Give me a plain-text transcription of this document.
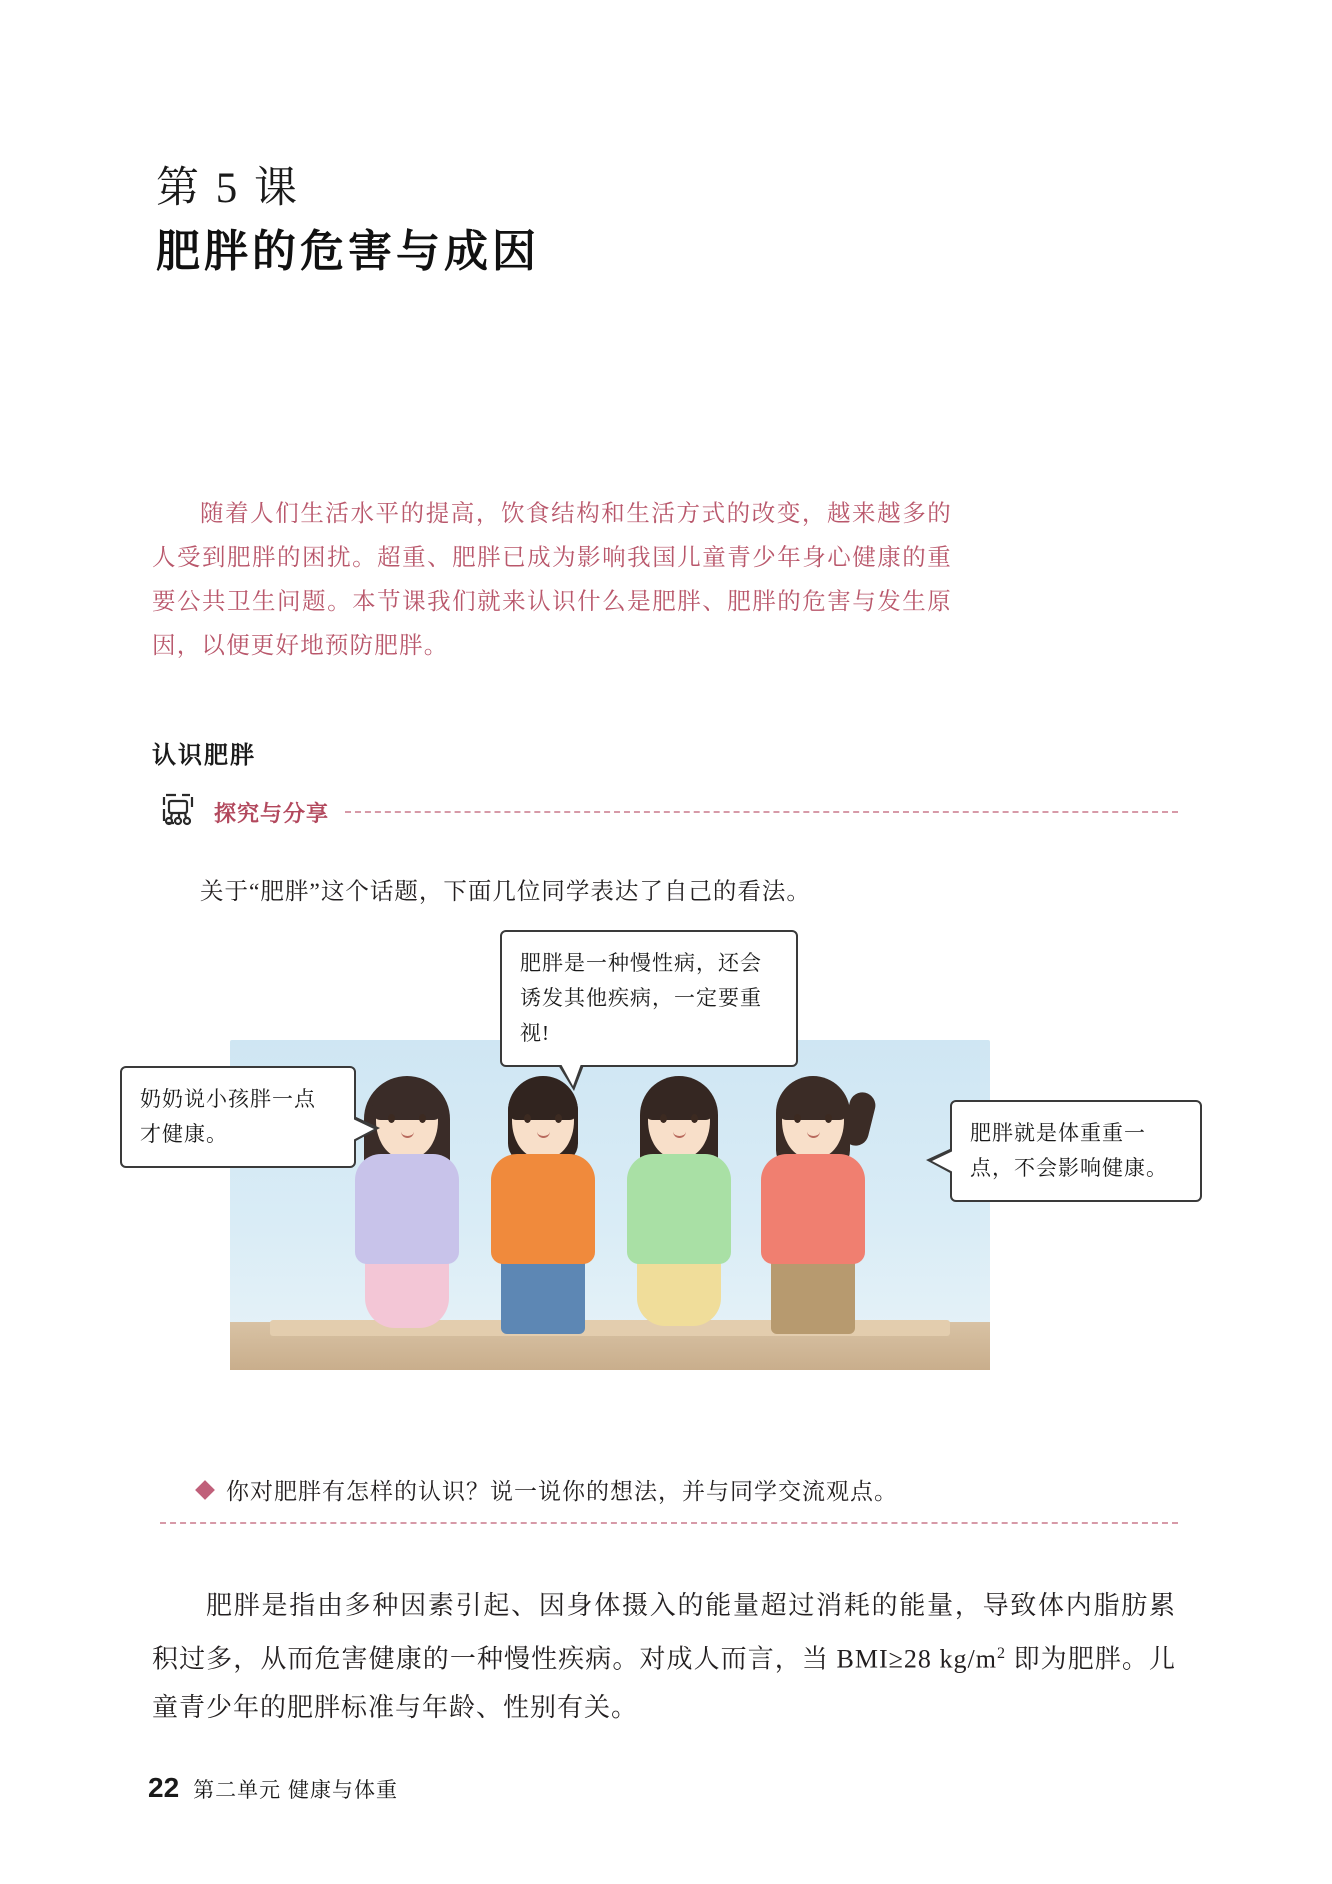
第 5 课
肥胖的危害与成因
随着人们生活水平的提高，饮食结构和生活方式的改变，越来越多的人受到肥胖的困扰。超重、肥胖已成为影响我国儿童青少年身心健康的重要公共卫生问题。本节课我们就来认识什么是肥胖、肥胖的危害与发生原因，以便更好地预防肥胖。
认识肥胖
探究与分享
关于“肥胖”这个话题，下面几位同学表达了自己的看法。
肥胖是一种慢性病，还会诱发其他疾病，一定要重视!
奶奶说小孩胖一点才健康。	肥胖就是体重重一点，不会影响健康。
你对肥胖有怎样的认识？说一说你的想法，并与同学交流观点。

肥胖是指由多种因素引起、因身体摄入的能量超过消耗的能量，导致体内脂肪累积过多，从而危害健康的一种慢性疾病。对成人而言，当 BMI≥28 $kg/m^2$ 即为肥胖。儿童青少年的肥胖标准与年龄、性别有关。

22 第二单元 健康与体重
